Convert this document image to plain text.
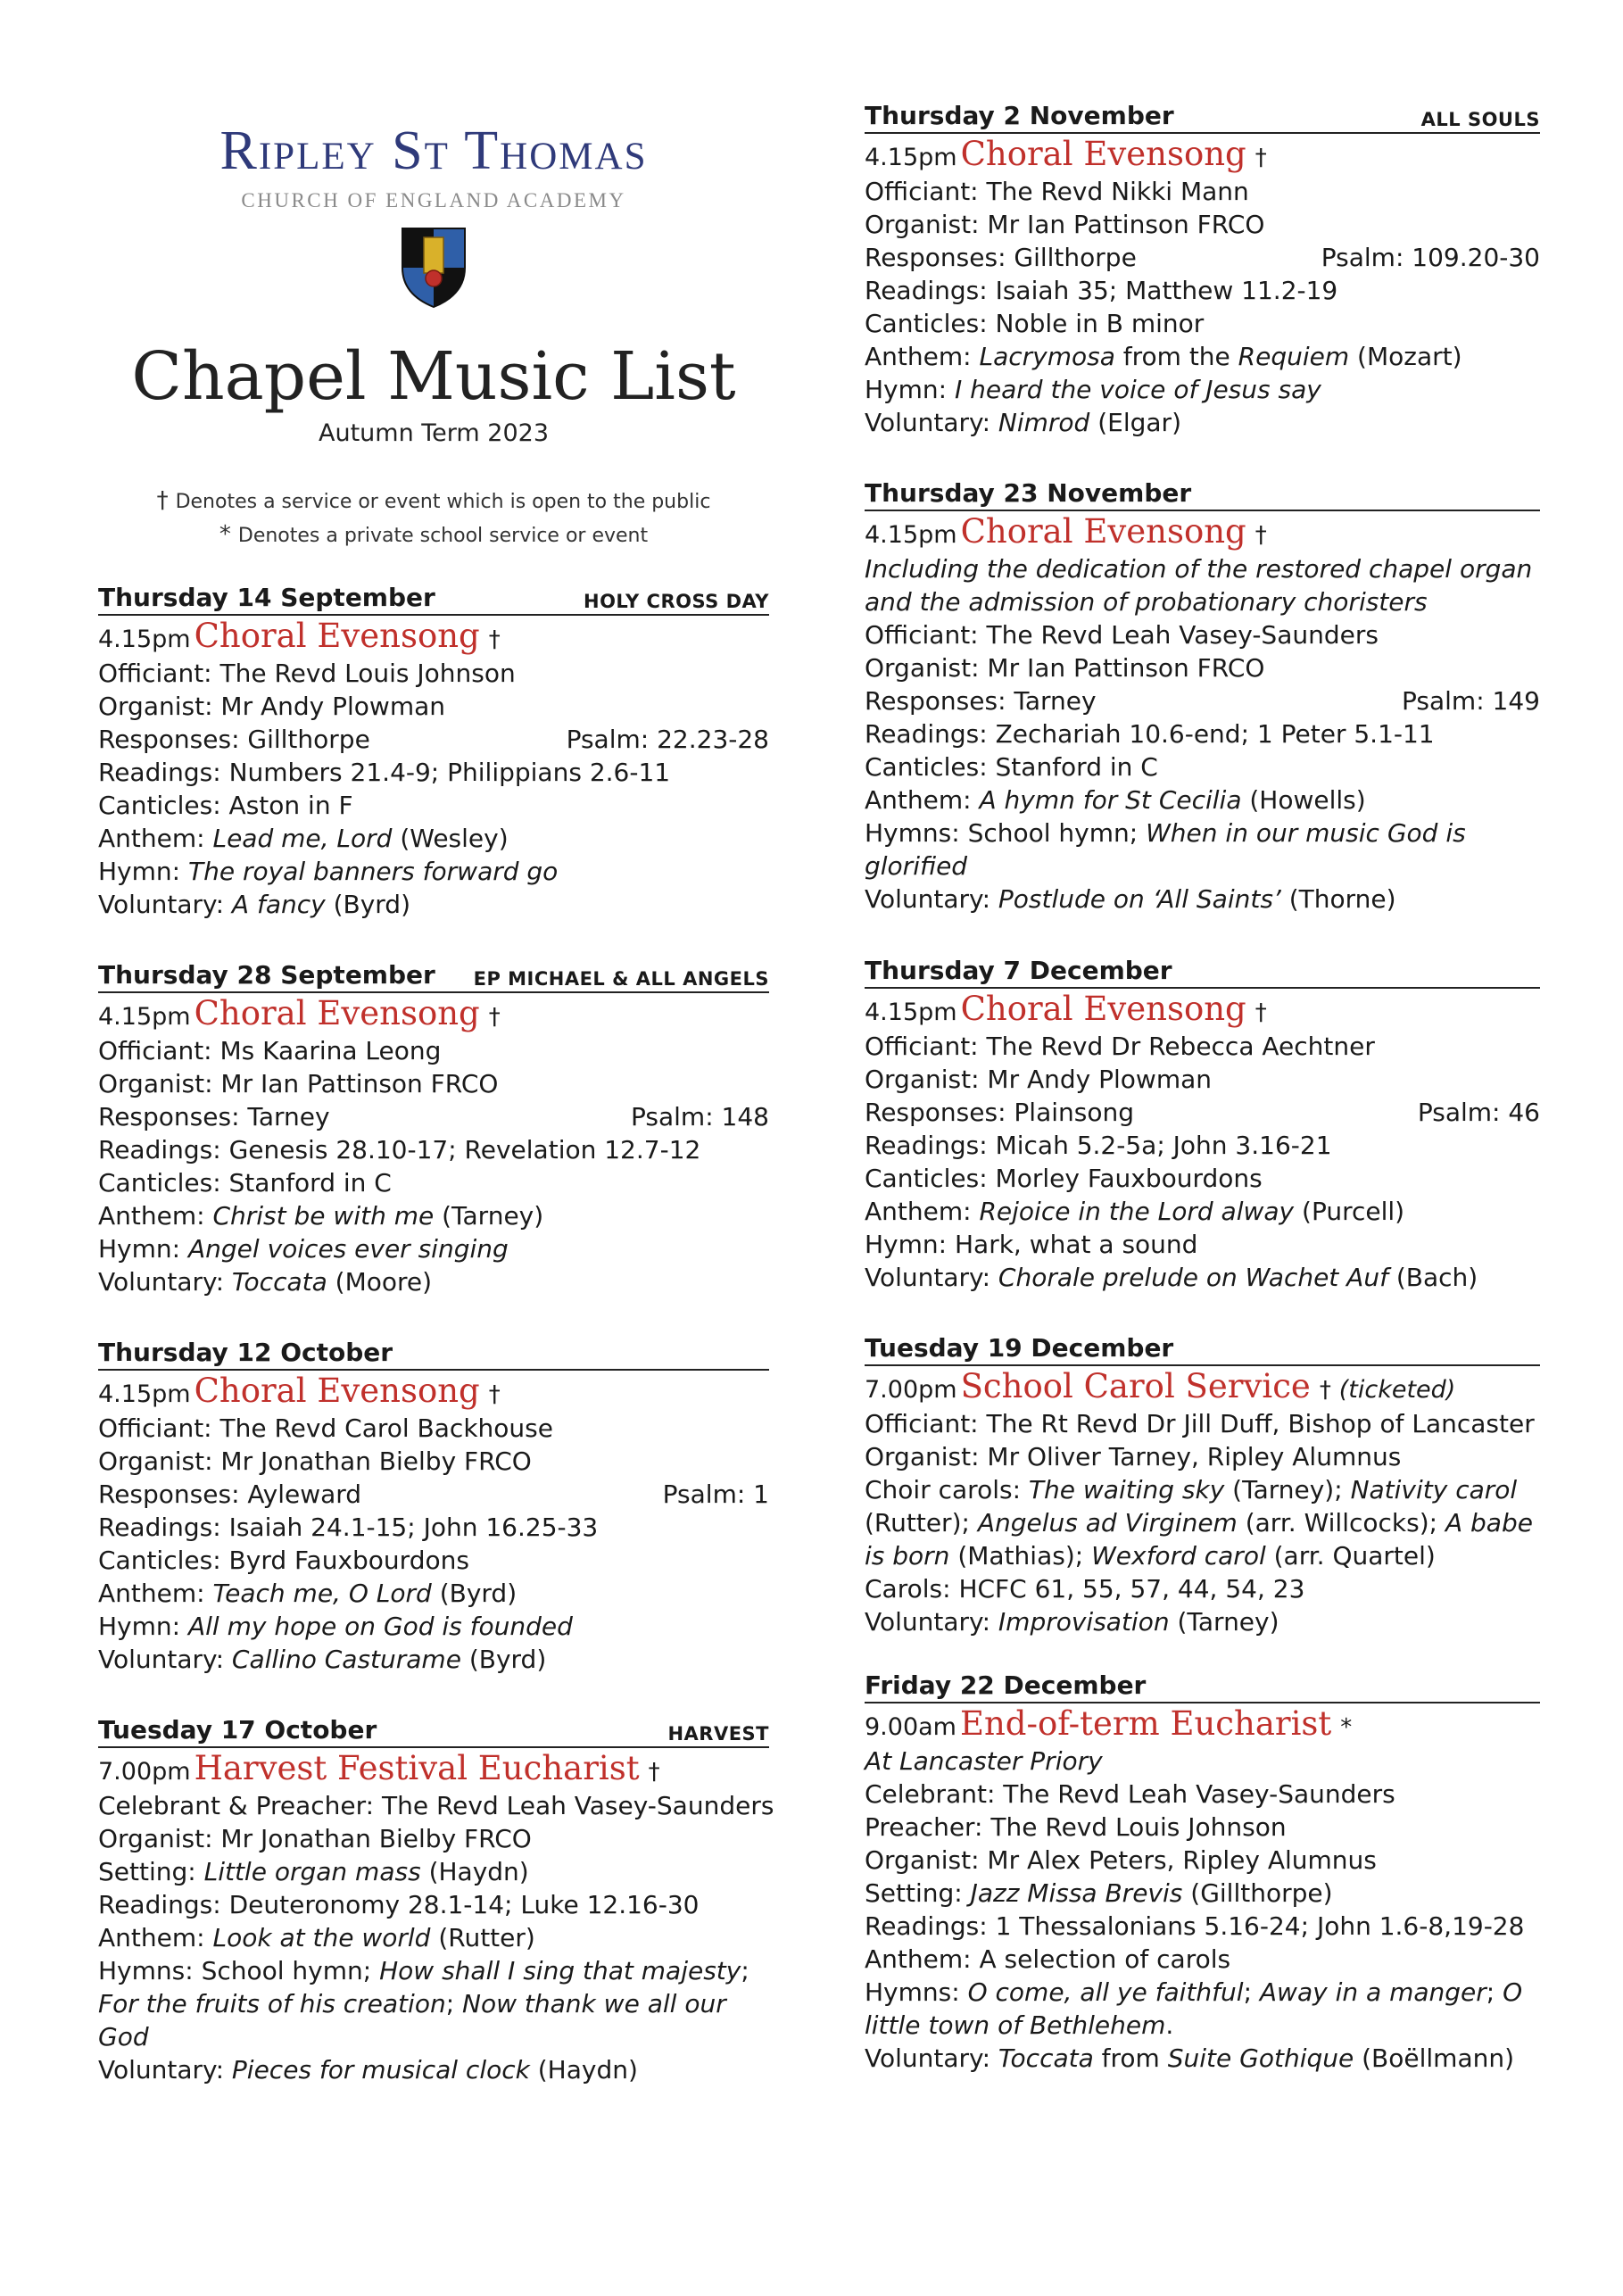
Ripley St Thomas
CHURCH OF ENGLAND ACADEMY
Chapel Music List
Autumn Term 2023
† Denotes a service or event which is open to the public
* Denotes a private school service or event
Thursday 14 September	HOLY CROSS DAY
4.15pm Choral Evensong †
Officiant: The Revd Louis Johnson
Organist: Mr Andy Plowman
Responses: Gillthorpe	Psalm: 22.23-28
Readings: Numbers 21.4-9; Philippians 2.6-11
Canticles: Aston in F
Anthem: Lead me, Lord (Wesley)
Hymn: The royal banners forward go
Voluntary: A fancy (Byrd)
Thursday 28 September EP MICHAEL & ALL ANGELS
4.15pm Choral Evensong †
Officiant: Ms Kaarina Leong
Organist: Mr Ian Pattinson FRCO
Responses: Tarney	Psalm: 148
Readings: Genesis 28.10-17; Revelation 12.7-12
Canticles: Stanford in C
Anthem: Christ be with me (Tarney)
Hymn: Angel voices ever singing
Voluntary: Toccata (Moore)
Thursday 12 October
4.15pm Choral Evensong †
Officiant: The Revd Carol Backhouse
Organist: Mr Jonathan Bielby FRCO
Responses: Ayleward	Psalm: 1
Readings: Isaiah 24.1-15; John 16.25-33
Canticles: Byrd Fauxbourdons
Anthem: Teach me, O Lord (Byrd)
Hymn: All my hope on God is founded
Voluntary: Callino Casturame (Byrd)
Tuesday 17 October	HARVEST
7.00pm Harvest Festival Eucharist †
Celebrant & Preacher: The Revd Leah Vasey-Saunders
Organist: Mr Jonathan Bielby FRCO
Setting: Little organ mass (Haydn)
Readings: Deuteronomy 28.1-14; Luke 12.16-30
Anthem: Look at the world (Rutter)
Hymns: School hymn; How shall I sing that majesty; For the fruits of his creation; Now thank we all our God
Voluntary: Pieces for musical clock (Haydn)
Thursday 2 November	ALL SOULS
4.15pm Choral Evensong †
Officiant: The Revd Nikki Mann
Organist: Mr Ian Pattinson FRCO
Responses: Gillthorpe	Psalm: 109.20-30
Readings: Isaiah 35; Matthew 11.2-19
Canticles: Noble in B minor
Anthem: Lacrymosa from the Requiem (Mozart)
Hymn: I heard the voice of Jesus say
Voluntary: Nimrod (Elgar)
Thursday 23 November
4.15pm Choral Evensong †
Including the dedication of the restored chapel organ and the admission of probationary choristers
Officiant: The Revd Leah Vasey-Saunders
Organist: Mr Ian Pattinson FRCO
Responses: Tarney	Psalm: 149
Readings: Zechariah 10.6-end; 1 Peter 5.1-11
Canticles: Stanford in C
Anthem: A hymn for St Cecilia (Howells)
Hymns: School hymn; When in our music God is glorified
Voluntary: Postlude on ‘All Saints’ (Thorne)
Thursday 7 December
4.15pm Choral Evensong †
Officiant: The Revd Dr Rebecca Aechtner
Organist: Mr Andy Plowman
Responses: Plainsong	Psalm: 46
Readings: Micah 5.2-5a; John 3.16-21
Canticles: Morley Fauxbourdons
Anthem: Rejoice in the Lord alway (Purcell)
Hymn: Hark, what a sound
Voluntary: Chorale prelude on Wachet Auf (Bach)
Tuesday 19 December
7.00pm School Carol Service † (ticketed)
Officiant: The Rt Revd Dr Jill Duff, Bishop of Lancaster
Organist: Mr Oliver Tarney, Ripley Alumnus
Choir carols: The waiting sky (Tarney); Nativity carol (Rutter); Angelus ad Virginem (arr. Willcocks); A babe is born (Mathias); Wexford carol (arr. Quartel)
Carols: HCFC 61, 55, 57, 44, 54, 23
Voluntary: Improvisation (Tarney)
Friday 22 December
9.00am End-of-term Eucharist *
At Lancaster Priory
Celebrant: The Revd Leah Vasey-Saunders
Preacher: The Revd Louis Johnson
Organist: Mr Alex Peters, Ripley Alumnus
Setting: Jazz Missa Brevis (Gillthorpe)
Readings: 1 Thessalonians 5.16-24; John 1.6-8,19-28
Anthem: A selection of carols
Hymns: O come, all ye faithful; Away in a manger; O little town of Bethlehem.
Voluntary: Toccata from Suite Gothique (Boëllmann)
